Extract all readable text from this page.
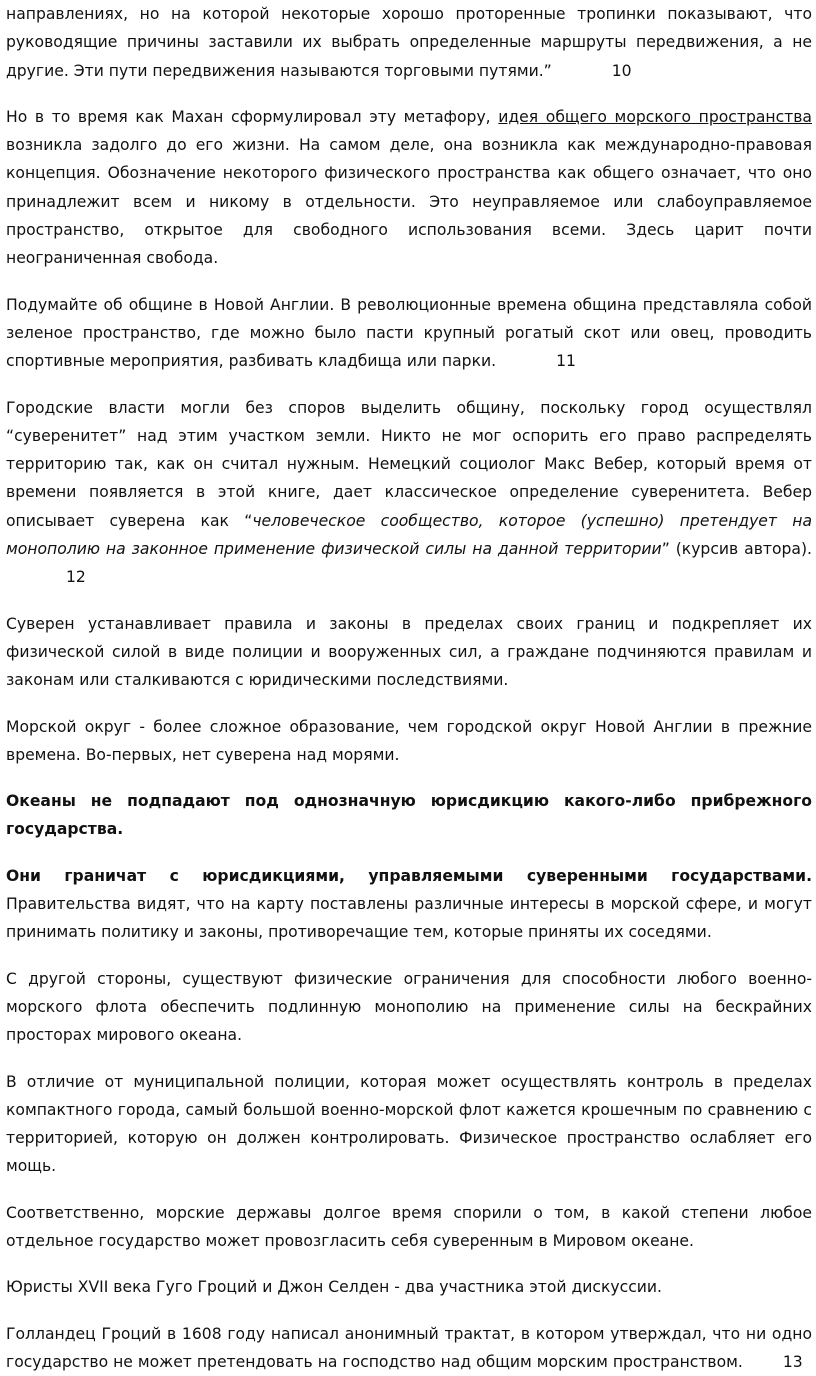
направлениях, но на которой некоторые хорошо проторенные тропинки показывают, что руководящие причины заставили их выбрать определенные маршруты передвижения, а не другие. Эти пути передвижения называются торговыми путями.”	10

Но в то время как Махан сформулировал эту метафору, идея общего морского пространства возникла задолго до его жизни. На самом деле, она возникла как международно-правовая концепция. Обозначение некоторого физического пространства как общего означает, что оно принадлежит всем и никому в отдельности. Это неуправляемое или слабоуправляемое пространство, открытое для свободного использования всеми. Здесь царит почти неограниченная свобода.

Подумайте об общине в Новой Англии. В революционные времена община представляла собой зеленое пространство, где можно было пасти крупный рогатый скот или овец, проводить спортивные мероприятия, разбивать кладбища или парки.	11

Городские власти могли без споров выделить общину, поскольку город осуществлял “суверенитет” над этим участком земли. Никто не мог оспорить его право распределять территорию так, как он считал нужным. Немецкий социолог Макс Вебер, который время от времени появляется в этой книге, дает классическое определение суверенитета. Вебер описывает суверена как “человеческое сообщество, которое (успешно) претендует на монополию на законное применение физической силы на данной территории” (курсив автора).12

Суверен устанавливает правила и законы в пределах своих границ и подкрепляет их физической силой в виде полиции и вооруженных сил, а граждане подчиняются правилам и законам или сталкиваются с юридическими последствиями.

Морской округ - более сложное образование, чем городской округ Новой Англии в прежние времена. Во-первых, нет суверена над морями.

Океаны не подпадают под однозначную юрисдикцию какого-либо прибрежного государства.

Они граничат с юрисдикциями, управляемыми суверенными государствами. Правительства видят, что на карту поставлены различные интересы в морской сфере, и могут принимать политику и законы, противоречащие тем, которые приняты их соседями.

С другой стороны, существуют физические ограничения для способности любого военно-морского флота обеспечить подлинную монополию на применение силы на бескрайних просторах мирового океана.

В отличие от муниципальной полиции, которая может осуществлять контроль в пределах компактного города, самый большой военно-морской флот кажется крошечным по сравнению с территорией, которую он должен контролировать. Физическое пространство ослабляет его мощь.

Соответственно, морские державы долгое время спорили о том, в какой степени любое отдельное государство может провозгласить себя суверенным в Мировом океане.

Юристы XVII века Гуго Гроций и Джон Селден - два участника этой дискуссии.

Голландец Гроций в 1608 году написал анонимный трактат, в котором утверждал, что ни одно государство не может претендовать на господство над общим морским пространством.	13
